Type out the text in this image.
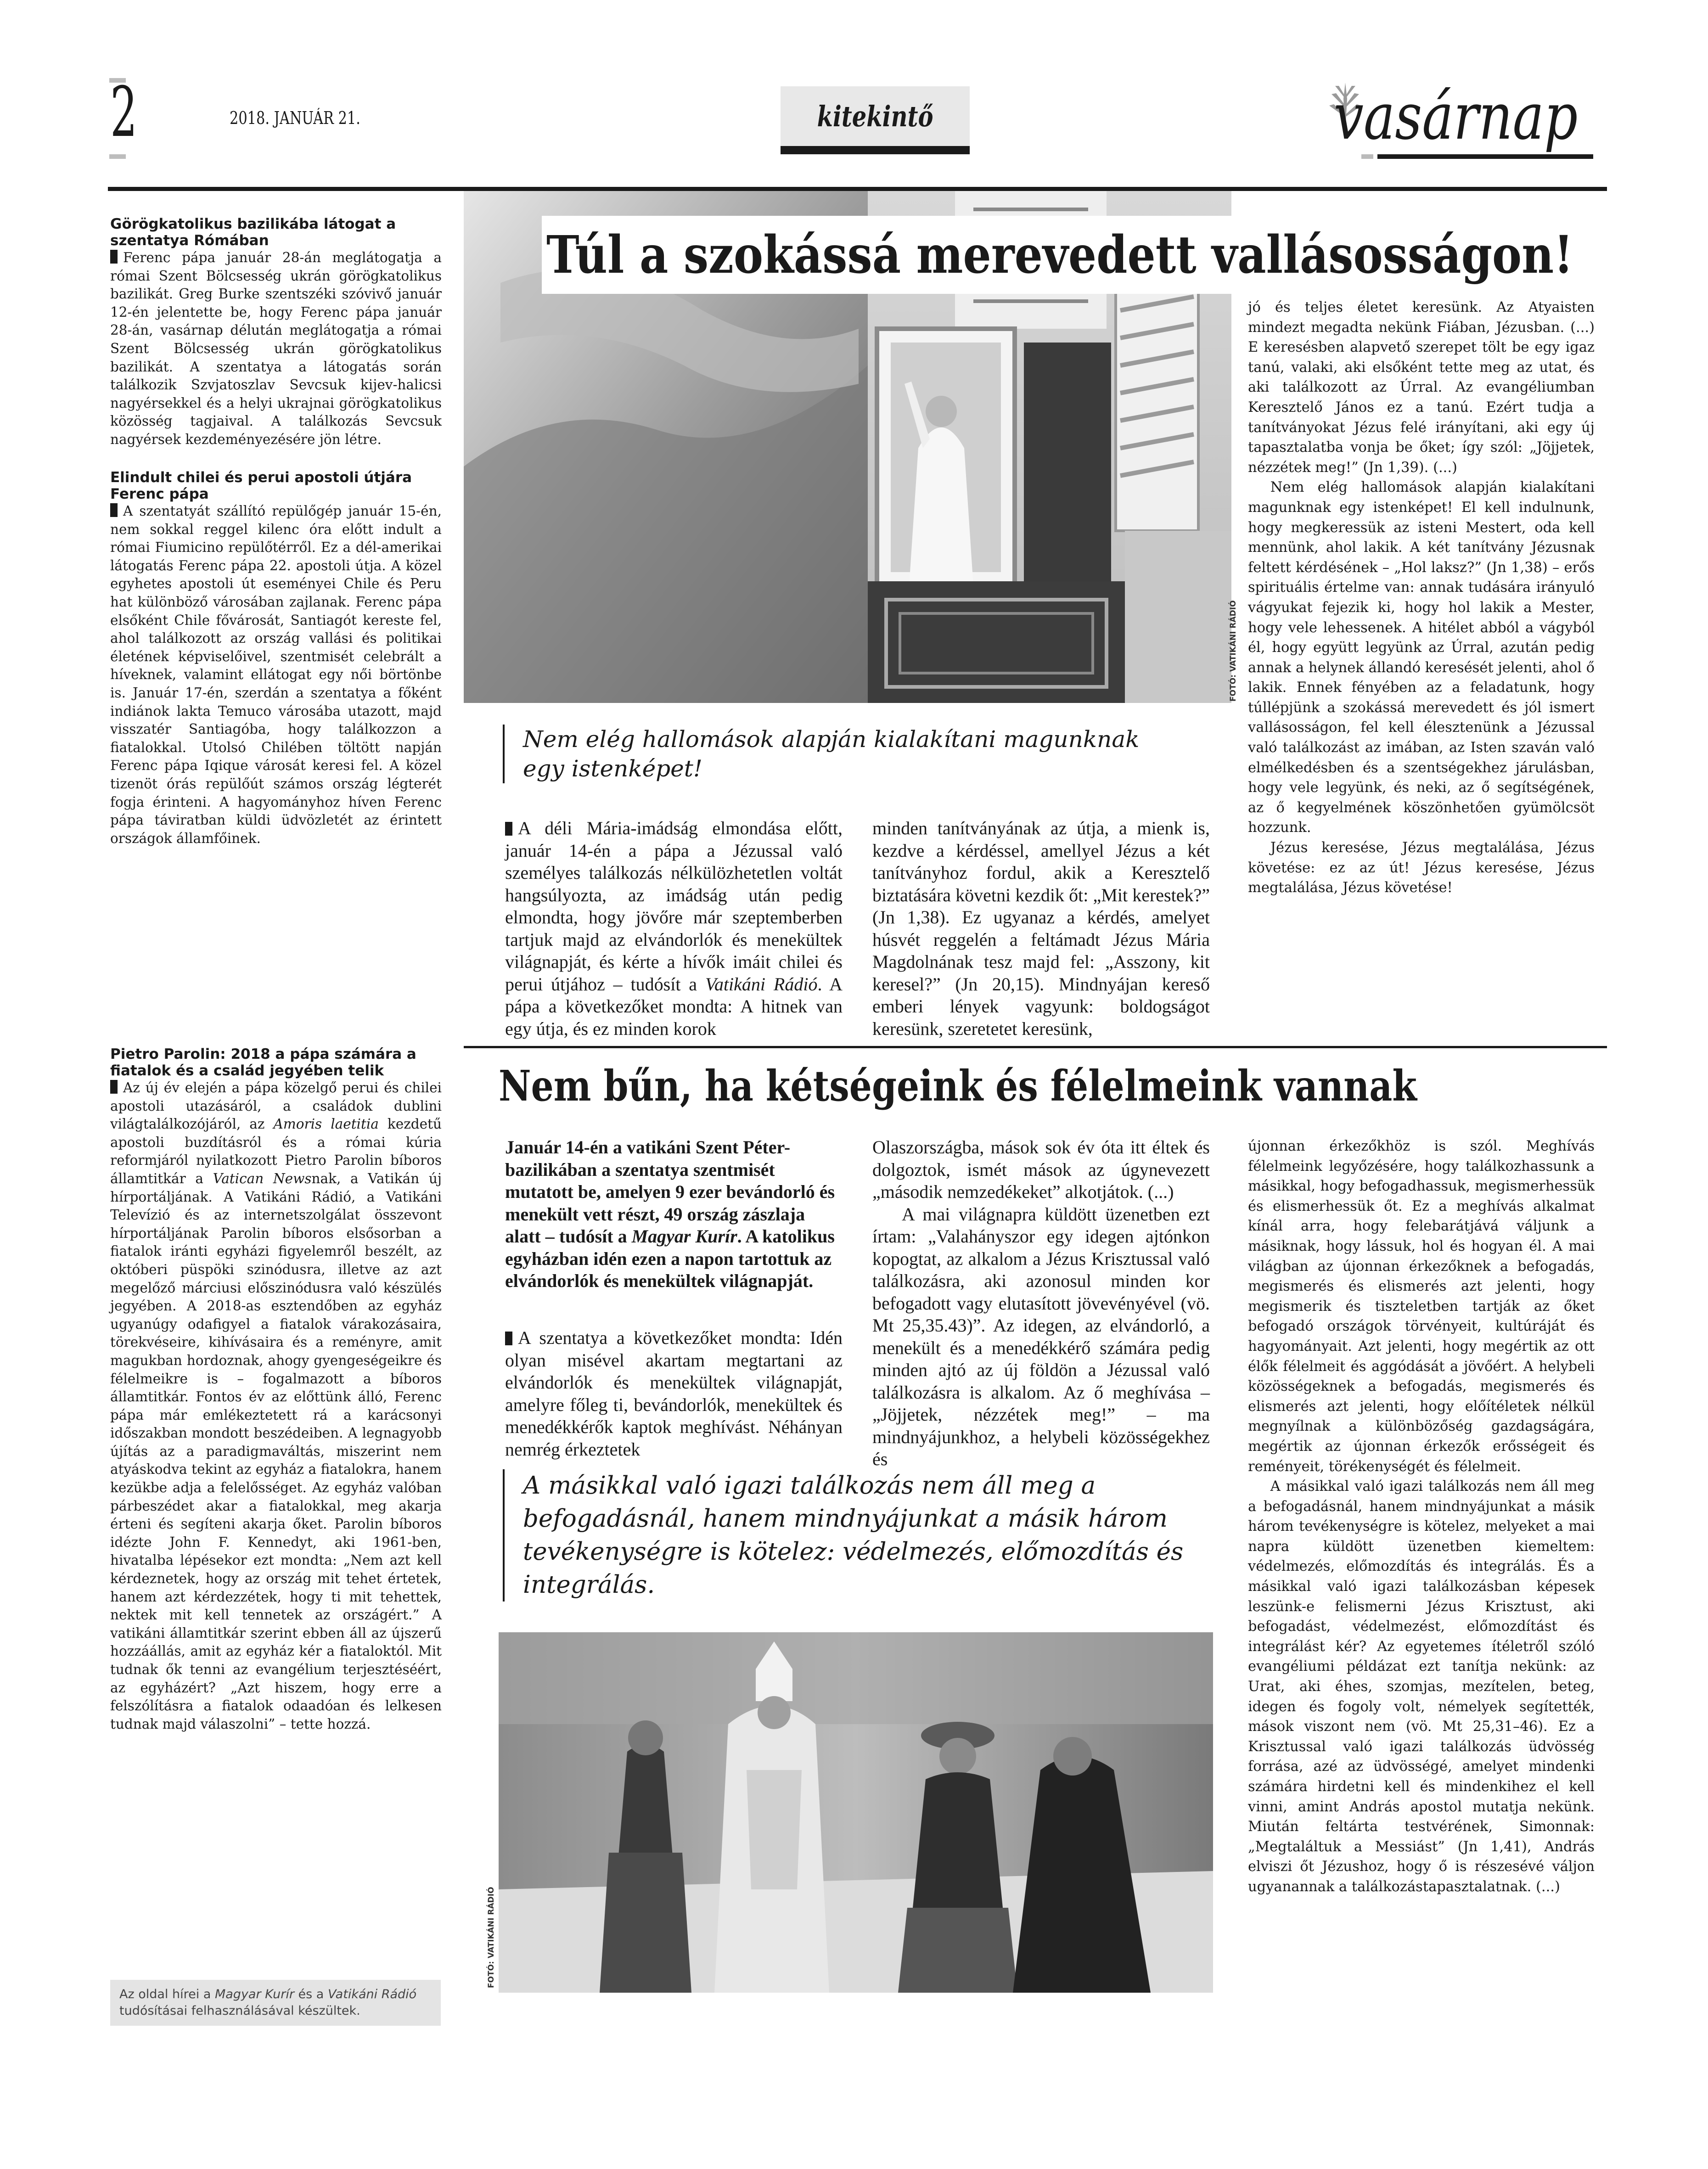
2	2018. JANUÁR 21.	kitekintő	vasárnap
Görögkatolikus bazilikába látogat a szentatya Rómában

Ferenc pápa január 28-án meglátogatja a római Szent Bölcsesség ukrán görögkatolikus bazilikát. Greg Burke szentszéki szóvivő január 12-én jelentette be, hogy Ferenc pápa január 28-án, vasárnap délután meglátogatja a római Szent Bölcsesség ukrán görögkatolikus bazilikát. A szentatya a látogatás során találkozik Szvjatoszlav Sevcsuk kijev-halicsi nagyérsekkel és a helyi ukrajnai görögkatolikus közösség tagjaival. A találkozás Sevcsuk nagyérsek kezdeményezésére jön létre.

Elindult chilei és perui apostoli útjára Ferenc pápa

A szentatyát szállító repülőgép január 15-én, nem sokkal reggel kilenc óra előtt indult a római Fiumicino repülőtérről. Ez a dél-amerikai látogatás Ferenc pápa 22. apostoli útja. A közel egyhetes apostoli út eseményei Chile és Peru hat különböző városában zajlanak. Ferenc pápa elsőként Chile fővárosát, Santiagót kereste fel, ahol találkozott az ország vallási és politikai életének képviselőivel, szentmisét celebrált a híveknek, valamint ellátogat egy női börtönbe is. Január 17-én, szerdán a szentatya a főként indiánok lakta Temuco városába utazott, majd visszatér Santiagóba, hogy találkozzon a fiatalokkal. Utolsó Chilében töltött napján Ferenc pápa Iqique városát keresi fel. A közel tizenöt órás repülőút számos ország légterét fogja érinteni. A hagyományhoz híven Ferenc pápa táviratban küldi üdvözletét az érintett országok államfőinek.

Pietro Parolin: 2018 a pápa számára a fiatalok és a család jegyében telik

Az új év elején a pápa közelgő perui és chilei apostoli utazásáról, a családok dublini világtalálkozójáról, az Amoris laetitia kezdetű apostoli buzdításról és a római kúria reformjáról nyilatkozott Pietro Parolin bíboros államtitkár a Vatican Newsnak, a Vatikán új hírportáljának. A Vatikáni Rádió, a Vatikáni Televízió és az internetszolgálat összevont hírportáljának Parolin bíboros elsősorban a fiatalok iránti egyházi figyelemről beszélt, az októberi püspöki szinódusra, illetve az azt megelőző márciusi előszinódusra való készülés jegyében. A 2018-as esztendőben az egyház ugyanúgy odafigyel a fiatalok várakozásaira, törekvéseire, kihívásaira és a reményre, amit magukban hordoznak, ahogy gyengeségeikre és félelmeikre is – fogalmazott a bíboros államtitkár. Fontos év az előttünk álló, Ferenc pápa már emlékeztetett rá a karácsonyi időszakban mondott beszédeiben. A legnagyobb újítás az a paradigmaváltás, miszerint nem atyáskodva tekint az egyház a fiatalokra, hanem kezükbe adja a felelősséget. Az egyház valóban párbeszédet akar a fiatalokkal, meg akarja érteni és segíteni akarja őket. Parolin bíboros idézte John F. Kennedyt, aki 1961-ben, hivatalba lépésekor ezt mondta: „Nem azt kell kérdeznetek, hogy az ország mit tehet értetek, hanem azt kérdezzétek, hogy ti mit tehettek, nektek mit kell tennetek az országért.” A vatikáni államtitkár szerint ebben áll az újszerű hozzáállás, amit az egyház kér a fiataloktól. Mit tudnak ők tenni az evangélium terjesztéséért, az egyházért? „Azt hiszem, hogy erre a felszólításra a fiatalok odaadóan és lelkesen tudnak majd válaszolni” – tette hozzá.

Az oldal hírei a Magyar Kurír és a Vatikáni Rádió tudósításai felhasználásával készültek.
Túl a szokássá merevedett vallásosságon!
FOTÓ: VATIKÁNI RÁDIÓ
Nem elég hallomások alapján kialakítani magunknak egy istenképet!

A déli Mária-imádság elmondása előtt, január 14-én a pápa a Jézussal való személyes találkozás nélkülözhetetlen voltát hangsúlyozta, az imádság után pedig elmondta, hogy jövőre már szeptemberben tartjuk majd az elvándorlók és menekültek világnapját, és kérte a hívők imáit chilei és perui útjához – tudósít a Vatikáni Rádió. A pápa a következőket mondta: A hitnek van egy útja, és ez minden korok

minden tanítványának az útja, a mienk is, kezdve a kérdéssel, amellyel Jézus a két tanítványhoz fordul, akik a Keresztelő biztatására követni kezdik őt: „Mit kerestek?” (Jn 1,38). Ez ugyanaz a kérdés, amelyet húsvét reggelén a feltámadt Jézus Mária Magdolnának tesz majd fel: „Asszony, kit keresel?” (Jn 20,15). Mindnyájan kereső emberi lények vagyunk: boldogságot keresünk, szeretetet keresünk,

jó és teljes életet keresünk. Az Atyaisten mindezt megadta nekünk Fiában, Jézusban. (...) E keresésben alapvető szerepet tölt be egy igaz tanú, valaki, aki elsőként tette meg az utat, és aki találkozott az Úrral. Az evangéliumban Keresztelő János ez a tanú. Ezért tudja a tanítványokat Jézus felé irányítani, aki egy új tapasztalatba vonja be őket; így szól: „Jöjjetek, nézzétek meg!” (Jn 1,39). (...)

Nem elég hallomások alapján kialakítani magunknak egy istenképet! El kell indulnunk, hogy megkeressük az isteni Mestert, oda kell mennünk, ahol lakik. A két tanítvány Jézusnak feltett kérdésének – „Hol laksz?” (Jn 1,38) – erős spirituális értelme van: annak tudására irányuló vágyukat fejezik ki, hogy hol lakik a Mester, hogy vele lehessenek. A hitélet abból a vágyból él, hogy együtt legyünk az Úrral, azután pedig annak a helynek állandó keresését jelenti, ahol ő lakik. Ennek fényében az a feladatunk, hogy túllépjünk a szokássá merevedett és jól ismert vallásosságon, fel kell élesztenünk a Jézussal való találkozást az imában, az Isten szaván való elmélkedésben és a szentségekhez járulásban, hogy vele legyünk, és neki, az ő segítségének, az ő kegyelmének köszönhetően gyümölcsöt hozzunk.

Jézus keresése, Jézus megtalálása, Jézus követése: ez az út! Jézus keresése, Jézus megtalálása, Jézus követése!

Nem bűn, ha kétségeink és félelmeink vannak
Január 14-én a vatikáni Szent Péter-bazilikában a szentatya szentmisét mutatott be, amelyen 9 ezer bevándorló és menekült vett részt, 49 ország zászlaja alatt – tudósít a Magyar Kurír. A katolikus egyházban idén ezen a napon tartottuk az elvándorlók és menekültek világnapját.

A szentatya a következőket mondta: Idén olyan misével akartam megtartani az elvándorlók és menekültek világnapját, amelyre főleg ti, bevándorlók, menekültek és menedékkérők kaptok meghívást. Néhányan nemrég érkeztetek

Olaszországba, mások sok év óta itt éltek és dolgoztok, ismét mások az úgynevezett „második nemzedékeket” alkotjátok. (...)

A mai világnapra küldött üzenetben ezt írtam: „Valahányszor egy idegen ajtónkon kopogtat, az alkalom a Jézus Krisztussal való találkozásra, aki azonosul minden kor befogadott vagy elutasított jövevényével (vö. Mt 25,35.43)”. Az idegen, az elvándorló, a menekült és a menedékkérő számára pedig minden ajtó az új földön a Jézussal való találkozásra is alkalom. Az ő meghívása – „Jöjjetek, nézzétek meg!” – ma mindnyájunkhoz, a helybeli közösségekhez és

újonnan érkezőkhöz is szól. Meghívás félelmeink legyőzésére, hogy találkozhassunk a másikkal, hogy befogadhassuk, megismerhessük és elismerhessük őt. Ez a meghívás alkalmat kínál arra, hogy felebarátjává váljunk a másiknak, hogy lássuk, hol és hogyan él. A mai világban az újonnan érkezőknek a befogadás, megismerés és elismerés azt jelenti, hogy megismerik és tiszteletben tartják az őket befogadó országok törvényeit, kultúráját és hagyományait. Azt jelenti, hogy megértik az ott élők félelmeit és aggódását a jövőért. A helybeli közösségeknek a befogadás, megismerés és elismerés azt jelenti, hogy előítéletek nélkül megnyílnak a különbözőség gazdagságára, megértik az újonnan érkezők erősségeit és reményeit, törékenységét és félelmeit.

A másikkal való igazi találkozás nem áll meg a befogadásnál, hanem mindnyájunkat a másik három tevékenységre is kötelez, melyeket a mai napra küldött üzenetben kiemeltem: védelmezés, előmozdítás és integrálás. És a másikkal való igazi találkozásban képesek leszünk-e felismerni Jézus Krisztust, aki befogadást, védelmezést, előmozdítást és integrálást kér? Az egyetemes ítéletről szóló evangéliumi példázat ezt tanítja nekünk: az Urat, aki éhes, szomjas, mezítelen, beteg, idegen és fogoly volt, némelyek segítették, mások viszont nem (vö. Mt 25,31–46). Ez a Krisztussal való igazi találkozás üdvösség forrása, azé az üdvösségé, amelyet mindenki számára hirdetni kell és mindenkihez el kell vinni, amint András apostol mutatja nekünk. Miután feltárta testvérének, Simonnak: „Megtaláltuk a Messiást” (Jn 1,41), András elviszi őt Jézushoz, hogy ő is részesévé váljon ugyanannak a találkozástapasztalatnak. (...)

A másikkal való igazi találkozás nem áll meg a befogadásnál, hanem mindnyájunkat a másik három tevékenységre is kötelez: védelmezés, előmozdítás és integrálás.
FOTÓ: VATIKÁNI RÁDIÓ
